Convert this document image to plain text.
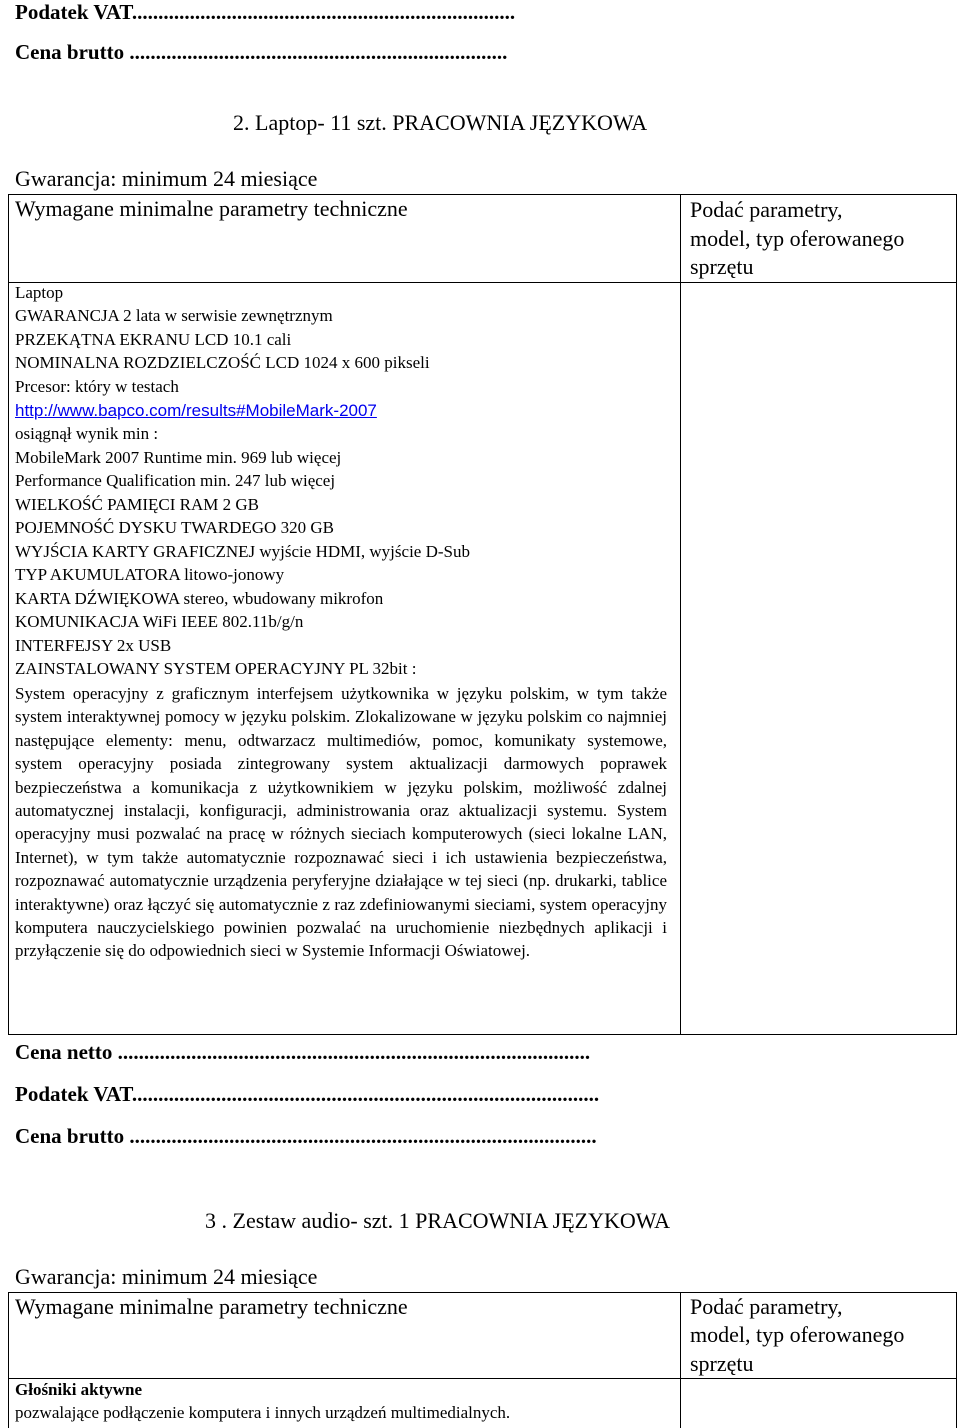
Podatek VAT.........................................................................
Cena brutto ........................................................................
2. Laptop- 11 szt. PRACOWNIA JĘZYKOWA
Gwarancja: minimum 24 miesiące
Wymagane minimalne parametry techniczne	Podać parametry,
model, typ oferowanego
sprzętu
Laptop
GWARANCJA 2 lata w serwisie zewnętrznym
PRZEKĄTNA EKRANU LCD 10.1 cali
NOMINALNA ROZDZIELCZOŚĆ LCD 1024 x 600 pikseli
Prcesor: który w testach
http://www.bapco.com/results#MobileMark-2007
osiągnął wynik min :
MobileMark 2007 Runtime min. 969 lub więcej
Performance Qualification min. 247 lub więcej
WIELKOŚĆ PAMIĘCI RAM 2 GB
POJEMNOŚĆ DYSKU TWARDEGO 320 GB
WYJŚCIA KARTY GRAFICZNEJ wyjście HDMI, wyjście D-Sub
TYP AKUMULATORA litowo-jonowy
KARTA DŹWIĘKOWA stereo, wbudowany mikrofon
KOMUNIKACJA WiFi IEEE 802.11b/g/n
INTERFEJSY 2x USB
ZAINSTALOWANY SYSTEM OPERACYJNY PL 32bit :
System operacyjny z graficznym interfejsem użytkownika w języku polskim, w tym także system interaktywnej pomocy w języku polskim. Zlokalizowane w języku polskim co najmniej następujące elementy: menu, odtwarzacz multimediów, pomoc, komunikaty systemowe, system operacyjny posiada zintegrowany system aktualizacji darmowych poprawek bezpieczeństwa a komunikacja z użytkownikiem w języku polskim, możliwość zdalnej automatycznej instalacji, konfiguracji, administrowania oraz aktualizacji systemu. System operacyjny musi pozwalać na pracę w różnych sieciach komputerowych (sieci lokalne LAN, Internet), w tym także automatycznie rozpoznawać sieci i ich ustawienia bezpieczeństwa, rozpoznawać automatycznie urządzenia peryferyjne działające w tej sieci (np. drukarki, tablice interaktywne) oraz łączyć się automatycznie z raz zdefiniowanymi sieciami, system operacyjny komputera nauczycielskiego powinien pozwalać na uruchomienie niezbędnych aplikacji i przyłączenie się do odpowiednich sieci w Systemie Informacji Oświatowej.
Cena netto ..........................................................................................
Podatek VAT.........................................................................................
Cena brutto .........................................................................................
3 . Zestaw audio- szt. 1 PRACOWNIA JĘZYKOWA
Gwarancja: minimum 24 miesiące
Wymagane minimalne parametry techniczne	Podać parametry,
model, typ oferowanego
sprzętu
Głośniki aktywne
pozwalające podłączenie komputera i innych urządzeń multimedialnych.
